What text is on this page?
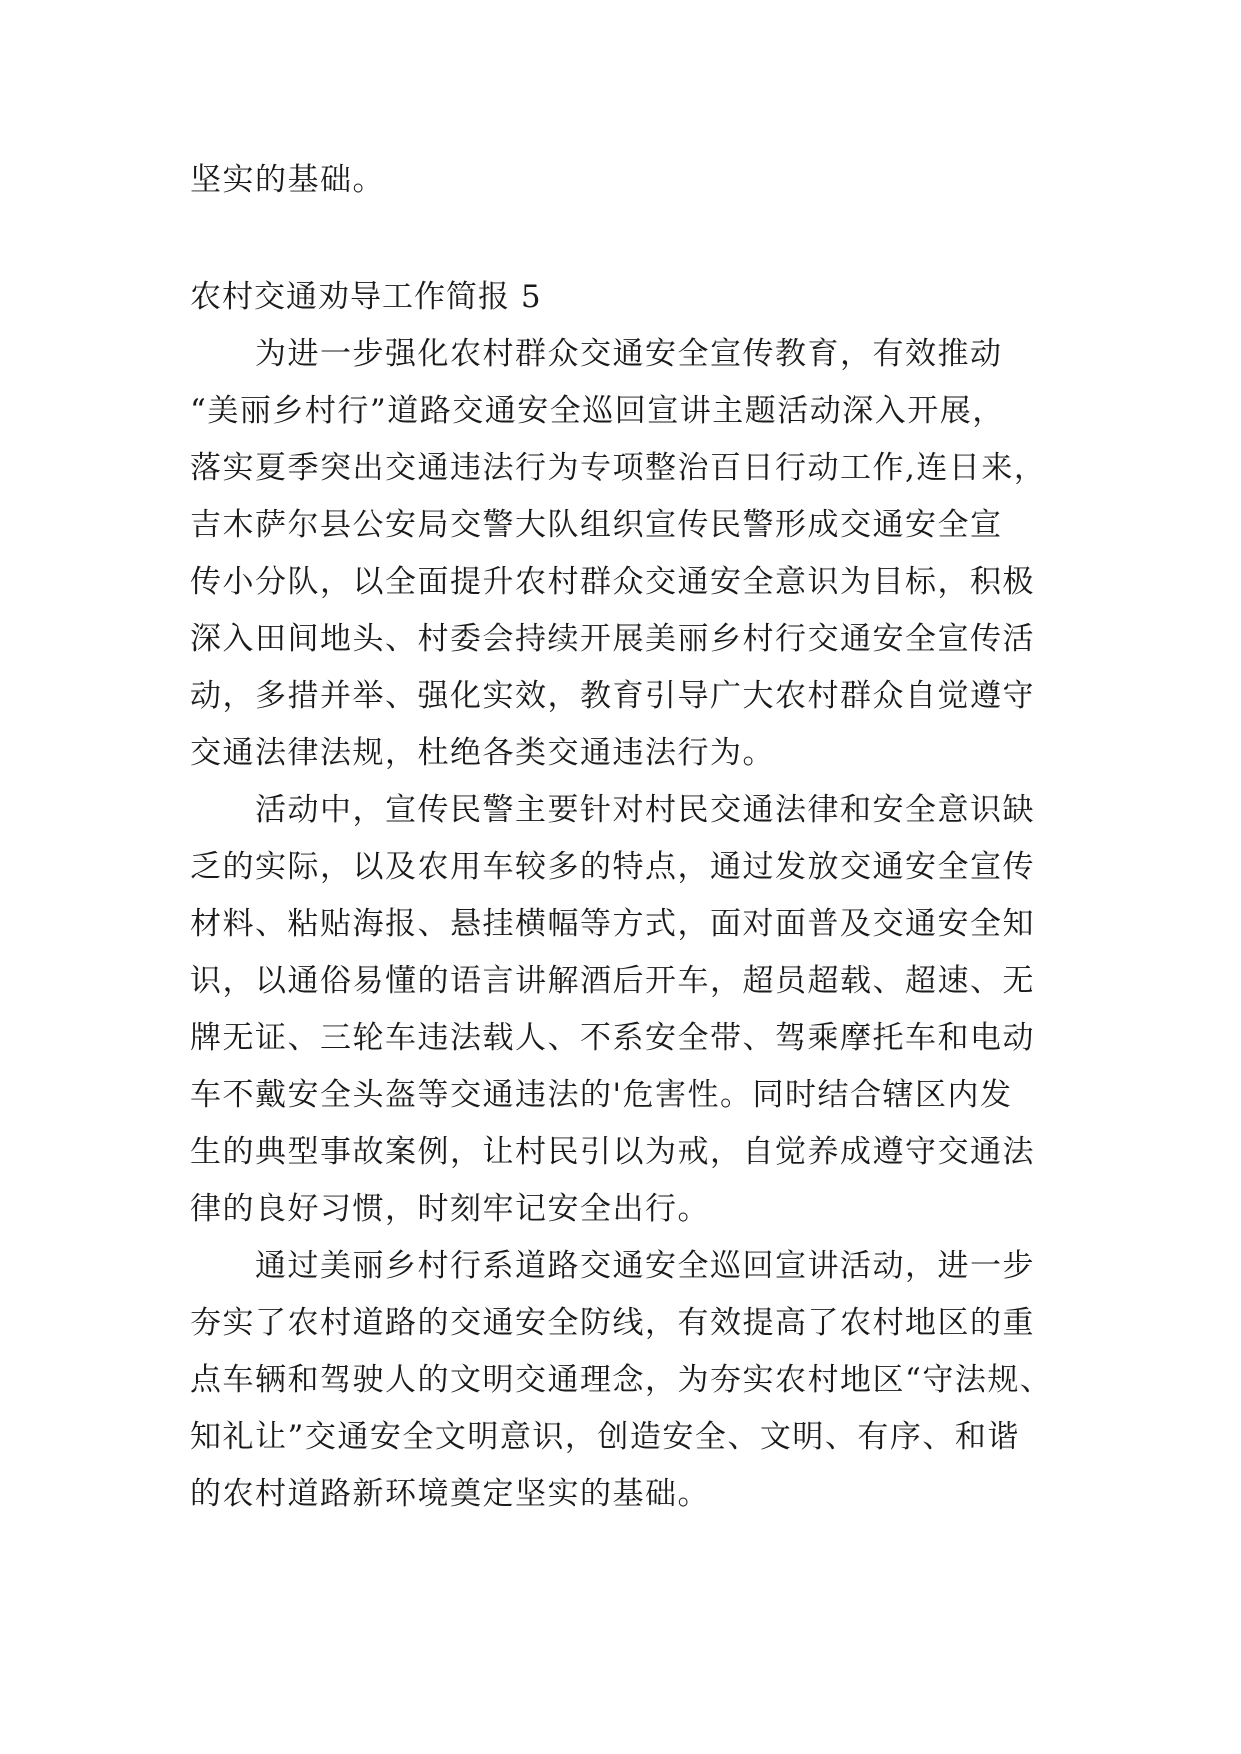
坚实的基础。
农村交通劝导工作简报 5
　　为进一步强化农村群众交通安全宣传教育，有效推动
“美丽乡村行”道路交通安全巡回宣讲主题活动深入开展，
落实夏季突出交通违法行为专项整治百日行动工作,连日来，
吉木萨尔县公安局交警大队组织宣传民警形成交通安全宣
传小分队，以全面提升农村群众交通安全意识为目标，积极
深入田间地头、村委会持续开展美丽乡村行交通安全宣传活
动，多措并举、强化实效，教育引导广大农村群众自觉遵守
交通法律法规，杜绝各类交通违法行为。
　　活动中，宣传民警主要针对村民交通法律和安全意识缺
乏的实际，以及农用车较多的特点，通过发放交通安全宣传
材料、粘贴海报、悬挂横幅等方式，面对面普及交通安全知
识，以通俗易懂的语言讲解酒后开车，超员超载、超速、无
牌无证、三轮车违法载人、不系安全带、驾乘摩托车和电动
车不戴安全头盔等交通违法的'危害性。同时结合辖区内发
生的典型事故案例，让村民引以为戒，自觉养成遵守交通法
律的良好习惯，时刻牢记安全出行。
　　通过美丽乡村行系道路交通安全巡回宣讲活动，进一步
夯实了农村道路的交通安全防线，有效提高了农村地区的重
点车辆和驾驶人的文明交通理念，为夯实农村地区“守法规、
知礼让”交通安全文明意识，创造安全、文明、有序、和谐
的农村道路新环境奠定坚实的基础。
